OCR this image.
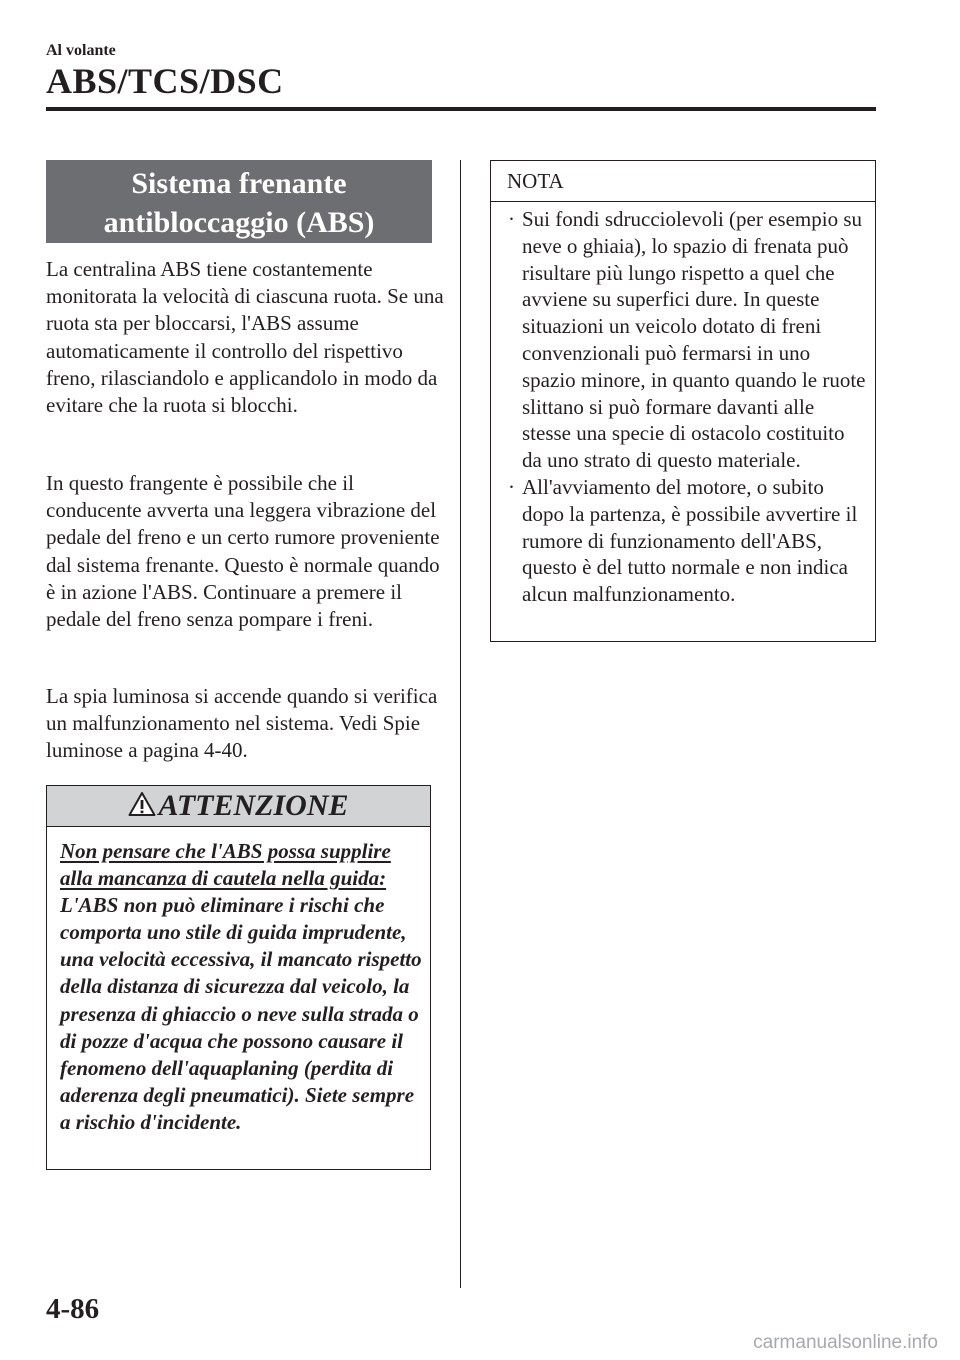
Al volante
ABS/TCS/DSC
Sistema frenante
antibloccaggio (ABS)

La centralina ABS tiene costantemente monitorata la velocità di ciascuna ruota. Se una ruota sta per bloccarsi, l'ABS assume automaticamente il controllo del rispettivo freno, rilasciandolo e applicandolo in modo da evitare che la ruota si blocchi.

In questo frangente è possibile che il conducente avverta una leggera vibrazione del pedale del freno e un certo rumore proveniente dal sistema frenante. Questo è normale quando è in azione l'ABS. Continuare a premere il pedale del freno senza pompare i freni.

La spia luminosa si accende quando si verifica un malfunzionamento nel sistema. Vedi Spie luminose a pagina 4-40.

ATTENZIONE
Non pensare che l'ABS possa supplire alla mancanza di cautela nella guida: L'ABS non può eliminare i rischi che comporta uno stile di guida imprudente, una velocità eccessiva, il mancato rispetto della distanza di sicurezza dal veicolo, la presenza di ghiaccio o neve sulla strada o di pozze d'acqua che possono causare il fenomeno dell'aquaplaning (perdita di aderenza degli pneumatici). Siete sempre a rischio d'incidente.
NOTA
· Sui fondi sdrucciolevoli (per esempio su neve o ghiaia), lo spazio di frenata può risultare più lungo rispetto a quel che avviene su superfici dure. In queste situazioni un veicolo dotato di freni convenzionali può fermarsi in uno spazio minore, in quanto quando le ruote slittano si può formare davanti alle stesse una specie di ostacolo costituito da uno strato di questo materiale.
· All'avviamento del motore, o subito dopo la partenza, è possibile avvertire il rumore di funzionamento dell'ABS, questo è del tutto normale e non indica alcun malfunzionamento.
4-86
carmanualsonline.info
